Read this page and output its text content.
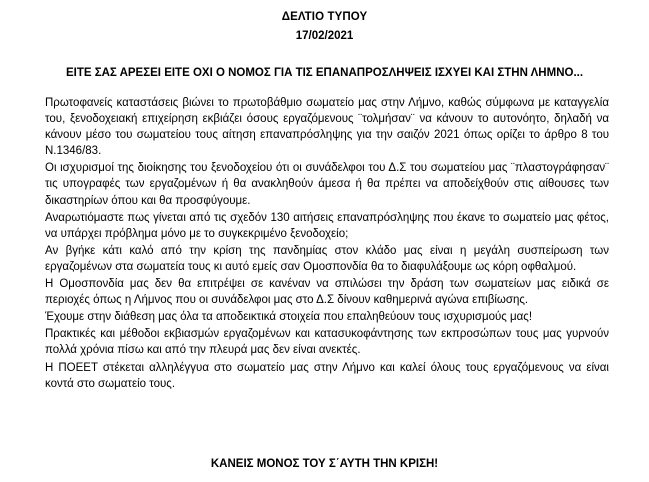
ΔΕΛΤΙΟ ΤΥΠΟΥ
17/02/2021
ΕΙΤΕ ΣΑΣ ΑΡΕΣΕΙ ΕΙΤΕ ΟΧΙ Ο ΝΟΜΟΣ ΓΙΑ ΤΙΣ ΕΠΑΝΑΠΡΟΣΛΗΨΕΙΣ ΙΣΧΥΕΙ ΚΑΙ ΣΤΗΝ ΛΗΜΝΟ...

Πρωτοφανείς καταστάσεις βιώνει το πρωτοβάθμιο σωματείο μας στην Λήμνο, καθώς σύμφωνα με καταγγελία του, ξενοδοχειακή επιχείρηση εκβιάζει όσους εργαζόμενους ¨τολμήσαν¨ να κάνουν το αυτονόητο, δηλαδή να κάνουν μέσο του σωματείου τους αίτηση επαναπρόσληψης για την σαιζόν 2021 όπως ορίζει το άρθρο 8 του Ν.1346/83.

Οι ισχυρισμοί της διοίκησης του ξενοδοχείου ότι οι συνάδελφοι του Δ.Σ του σωματείου μας ¨πλαστογράφησαν¨ τις υπογραφές των εργαζομένων ή θα ανακληθούν άμεσα ή θα πρέπει να αποδείχθούν στις αίθουσες των δικαστηρίων όπου και θα προσφύγουμε.

Αναρωτιόμαστε πως γίνεται από τις σχεδόν 130 αιτήσεις επαναπρόσληψης που έκανε το σωματείο μας φέτος, να υπάρχει πρόβλημα μόνο με το συγκεκριμένο ξενοδοχείο;

Αν βγήκε κάτι καλό από την κρίση της πανδημίας στον κλάδο μας είναι η μεγάλη συσπείρωση των εργαζομένων στα σωματεία τους κι αυτό εμείς σαν Ομοσπονδία θα το διαφυλάξουμε ως κόρη οφθαλμού.

Η Ομοσπονδία μας δεν θα επιτρέψει σε κανέναν να σπιλώσει την δράση των σωματείων μας ειδικά σε περιοχές όπως η Λήμνος που οι συνάδελφοι μας στο Δ.Σ δίνουν καθημερινά αγώνα επιβίωσης.

Έχουμε στην διάθεση μας όλα τα αποδεικτικά στοιχεία που επαληθεύουν τους ισχυρισμούς μας!

Πρακτικές και μέθοδοι εκβιασμών εργαζομένων και κατασυκοφάντησης των εκπροσώπων τους μας γυρνούν πολλά χρόνια πίσω και από την πλευρά μας δεν είναι ανεκτές.

Η ΠΟΕΕΤ στέκεται αλληλέγγυα στο σωματείο μας στην Λήμνο και καλεί όλους τους εργαζόμενους να είναι κοντά στο σωματείο τους.

ΚΑΝΕΙΣ ΜΟΝΟΣ ΤΟΥ Σ΄ΑΥΤΗ ΤΗΝ ΚΡΙΣΗ!
